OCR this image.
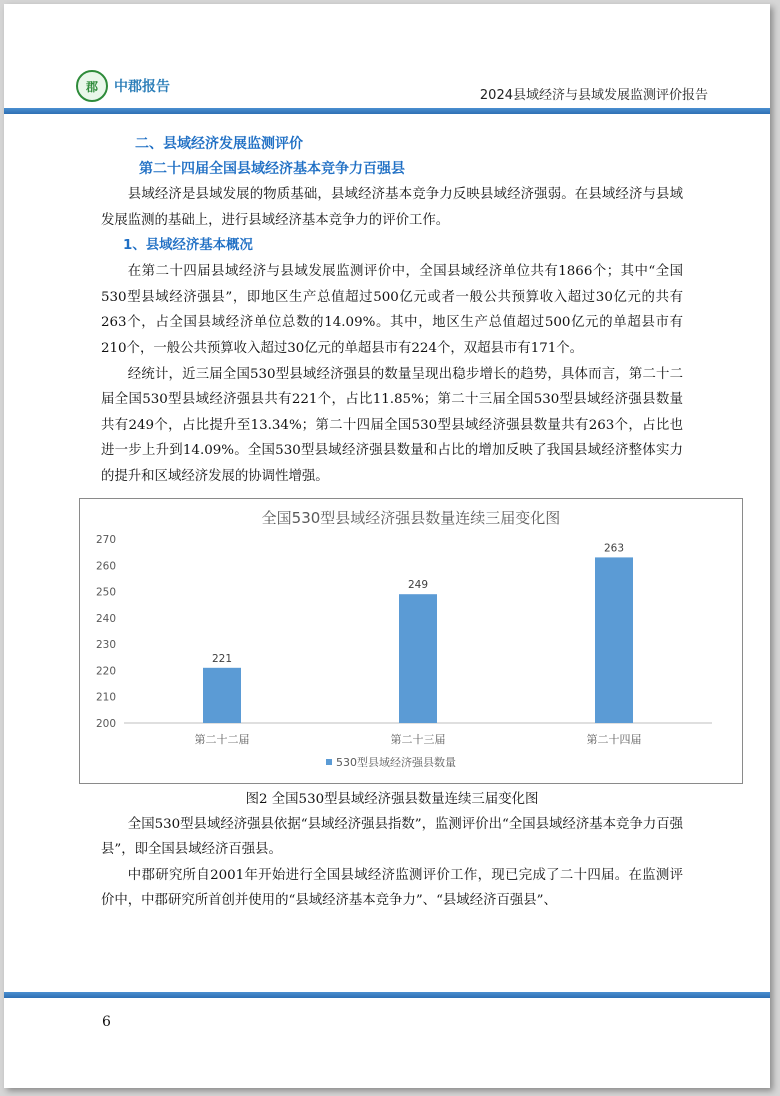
郡	中郡报告
2024县域经济与县域发展监测评价报告
二、县域经济发展监测评价
第二十四届全国县域经济基本竞争力百强县

县域经济是县域发展的物质基础，县域经济基本竞争力反映县域经济强弱。在县域经济与县域发展监测的基础上，进行县域经济基本竞争力的评价工作。

1、县域经济基本概况

在第二十四届县域经济与县域发展监测评价中，全国县域经济单位共有1866个；其中“全国530型县域经济强县”，即地区生产总值超过500亿元或者一般公共预算收入超过30亿元的共有263个，占全国县域经济单位总数的14.09%。其中，地区生产总值超过500亿元的单超县市有210个，一般公共预算收入超过30亿元的单超县市有224个，双超县市有171个。

经统计，近三届全国530型县域经济强县的数量呈现出稳步增长的趋势，具体而言，第二十二届全国530型县域经济强县共有221个，占比11.85%；第二十三届全国530型县域经济强县数量共有249个，占比提升至13.34%；第二十四届全国530型县域经济强县数量共有263个，占比也进一步上升到14.09%。全国530型县域经济强县数量和占比的增加反映了我国县域经济整体实力的提升和区域经济发展的协调性增强。

全国530型县域经济强县数量连续三届变化图
200
210
220
230
240
250
260
270
221
第二十二届
249
第二十三届
263
第二十四届
530型县域经济强县数量
图2 全国530型县域经济强县数量连续三届变化图

全国530型县域经济强县依据“县域经济强县指数”，监测评价出“全国县域经济基本竞争力百强县”，即全国县域经济百强县。

中郡研究所自2001年开始进行全国县域经济监测评价工作，现已完成了二十四届。在监测评价中，中郡研究所首创并使用的“县域经济基本竞争力”、“县域经济百强县”、

6
